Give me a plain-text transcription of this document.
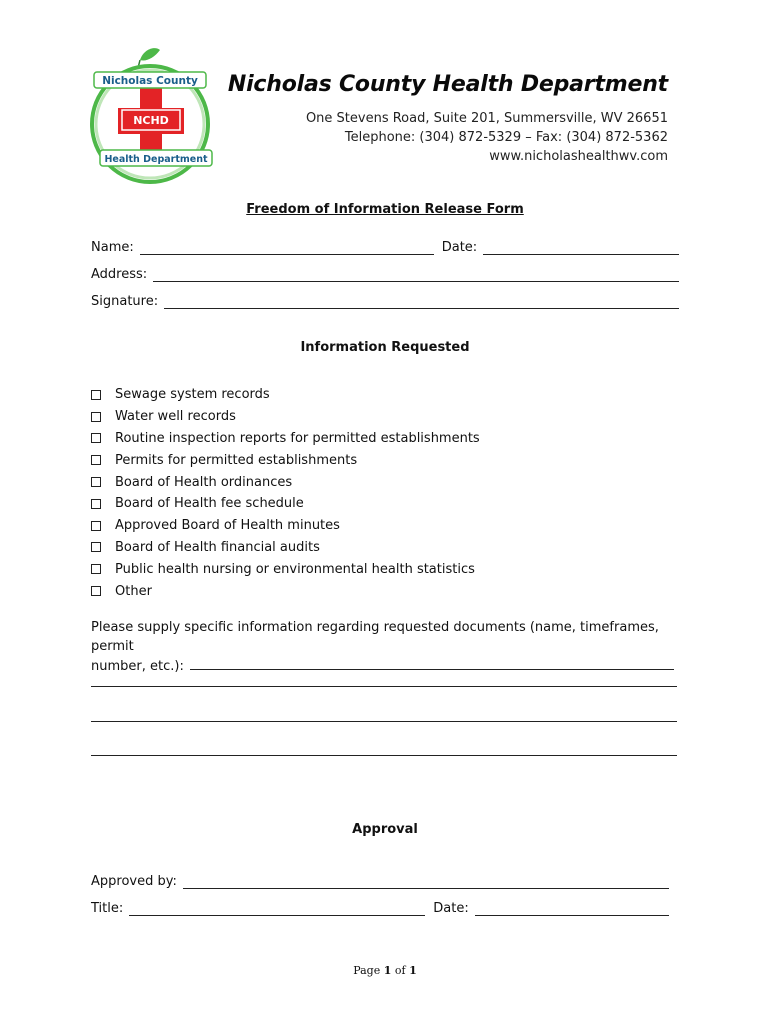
Nicholas County
NCHD
Health Department
Nicholas County Health Department
One Stevens Road, Suite 201, Summersville, WV 26651
Telephone: (304) 872-5329 – Fax: (304) 872-5362
www.nicholashealthwv.com
Freedom of Information Release Form
Name:	Date:
Address:
Signature:
Information Requested
Sewage system records
Water well records
Routine inspection reports for permitted establishments
Permits for permitted establishments
Board of Health ordinances
Board of Health fee schedule
Approved Board of Health minutes
Board of Health financial audits
Public health nursing or environmental health statistics
Other
Please supply specific information regarding requested documents (name, timeframes, permit
number, etc.):
Approval
Approved by:
Title:	Date:
Page 1 of 1
